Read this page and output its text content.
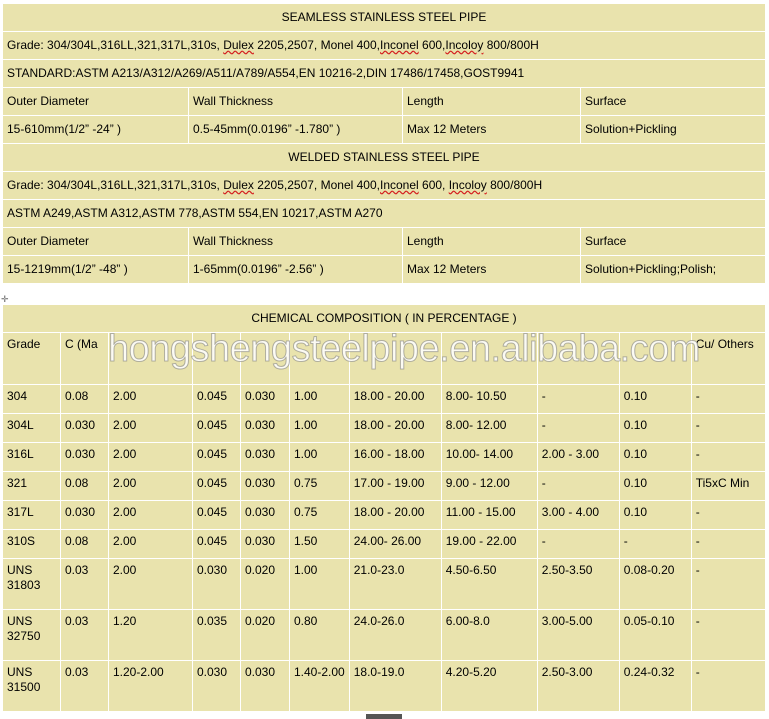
SEAMLESS STAINLESS STEEL PIPE			
Grade: 304/304L,316LL,321,317L,310s, Dulex 2205,2507, Monel 400,Inconel 600,Incoloy 800/800H			
STANDARD:ASTM A213/A312/A269/A511/A789/A554,EN 10216-2,DIN 17486/17458,GOST9941			
Outer Diameter	Wall Thickness	Length	Surface
15-610mm(1/2” -24” )	0.5-45mm(0.0196” -1.780” )	Max 12 Meters	Solution+Pickling
WELDED STAINLESS STEEL PIPE			
Grade: 304/304L,316LL,321,317L,310s, Dulex 2205,2507, Monel 400,Inconel 600, Incoloy 800/800H			
ASTM A249,ASTM A312,ASTM 778,ASTM 554,EN 10217,ASTM A270			
Outer Diameter	Wall Thickness	Length	Surface
15-1219mm(1/2” -48” )	1-65mm(0.0196” -2.56” )	Max 12 Meters	Solution+Pickling;Polish;
✛
CHEMICAL COMPOSITION ( IN PERCENTAGE )										
Grade	C (Ma									Cu/ Others
304	0.08	2.00	0.045	0.030	1.00	18.00 - 20.00	8.00- 10.50	-	0.10	-
304L	0.030	2.00	0.045	0.030	1.00	18.00 - 20.00	8.00- 12.00	-	0.10	-
316L	0.030	2.00	0.045	0.030	1.00	16.00 - 18.00	10.00- 14.00	2.00 - 3.00	0.10	-
321	0.08	2.00	0.045	0.030	0.75	17.00 - 19.00	9.00 - 12.00	-	0.10	Ti5xC Min
317L	0.030	2.00	0.045	0.030	0.75	18.00 - 20.00	11.00 - 15.00	3.00 - 4.00	0.10	-
310S	0.08	2.00	0.045	0.030	1.50	24.00- 26.00	19.00 - 22.00	-	-	-
UNS 31803	0.03	2.00	0.030	0.020	1.00	21.0-23.0	4.50-6.50	2.50-3.50	0.08-0.20	-
UNS 32750	0.03	1.20	0.035	0.020	0.80	24.0-26.0	6.00-8.0	3.00-5.00	0.05-0.10	-
UNS 31500	0.03	1.20-2.00	0.030	0.030	1.40-2.00	18.0-19.0	4.20-5.20	2.50-3.00	0.24-0.32	-
hongshengsteelpipe.en.alibaba.com
